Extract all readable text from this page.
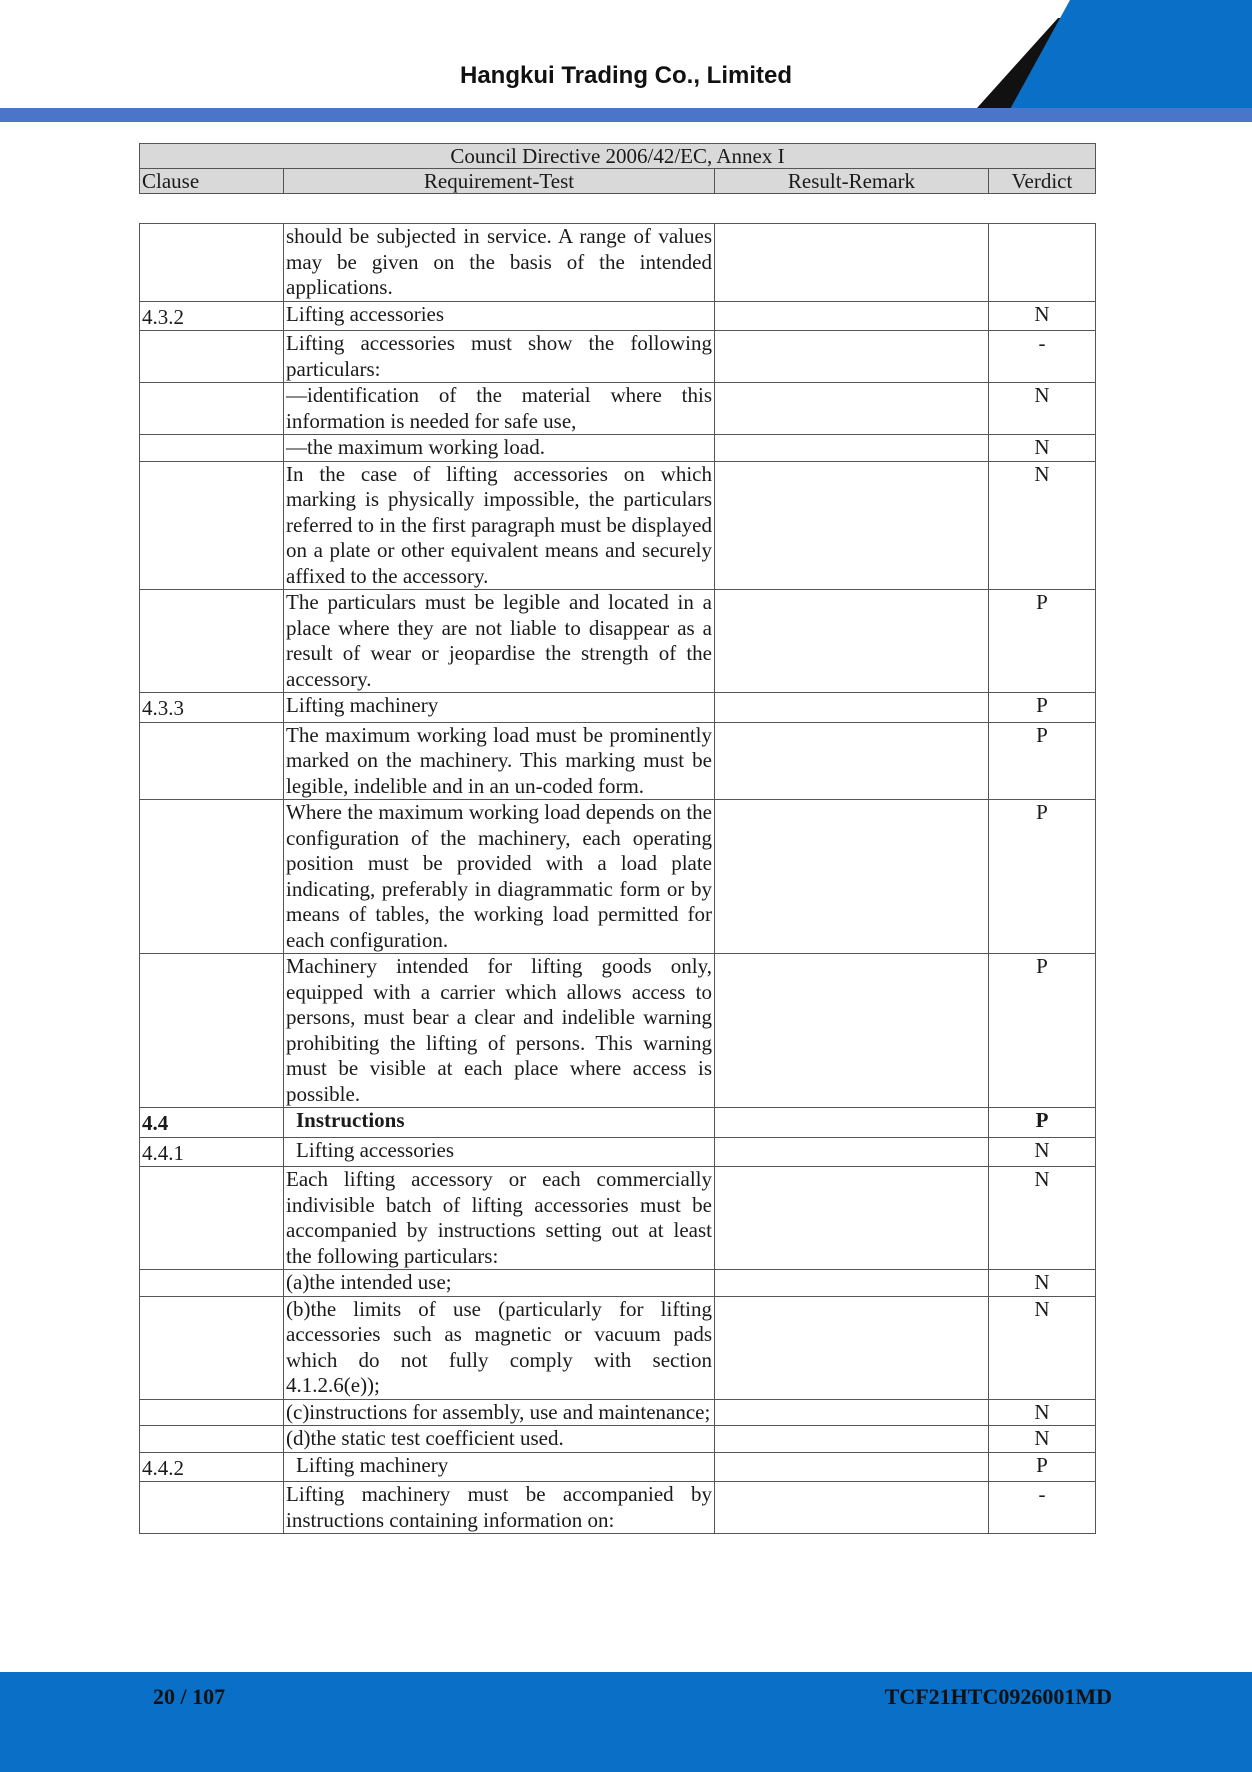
Hangkui Trading Co., Limited
Council Directive 2006/42/EC, Annex I
Clause	Requirement-Test	Result-Remark	Verdict
	should be subjected in service. A range of values may be given on the basis of the intended applications.		
4.3.2	Lifting accessories		N
	Lifting accessories must show the following particulars:		-
	—identification of the material where this information is needed for safe use,		N
	—the maximum working load.		N
	In the case of lifting accessories on which marking is physically impossible, the particulars referred to in the first paragraph must be displayed on a plate or other equivalent means and securely affixed to the accessory.		N
	The particulars must be legible and located in a place where they are not liable to disappear as a result of wear or jeopardise the strength of the accessory.		P
4.3.3	Lifting machinery		P
	The maximum working load must be prominently marked on the machinery. This marking must be legible, indelible and in an un-coded form.		P
	Where the maximum working load depends on the configuration of the machinery, each operating position must be provided with a load plate indicating, preferably in diagrammatic form or by means of tables, the working load permitted for each configuration.		P
	Machinery intended for lifting goods only, equipped with a carrier which allows access to persons, must bear a clear and indelible warning prohibiting the lifting of persons. This warning must be visible at each place where access is possible.		P
4.4	Instructions		P
4.4.1	Lifting accessories		N
	Each lifting accessory or each commercially indivisible batch of lifting accessories must be accompanied by instructions setting out at least the following particulars:		N
	(a)the intended use;		N
	(b)the limits of use (particularly for lifting accessories such as magnetic or vacuum pads which do not fully comply with section 4.1.2.6(e));		N
	(c)instructions for assembly, use and maintenance;		N
	(d)the static test coefficient used.		N
4.4.2	Lifting machinery		P
	Lifting machinery must be accompanied by instructions containing information on:		-
20 / 107	TCF21HTC0926001MD
